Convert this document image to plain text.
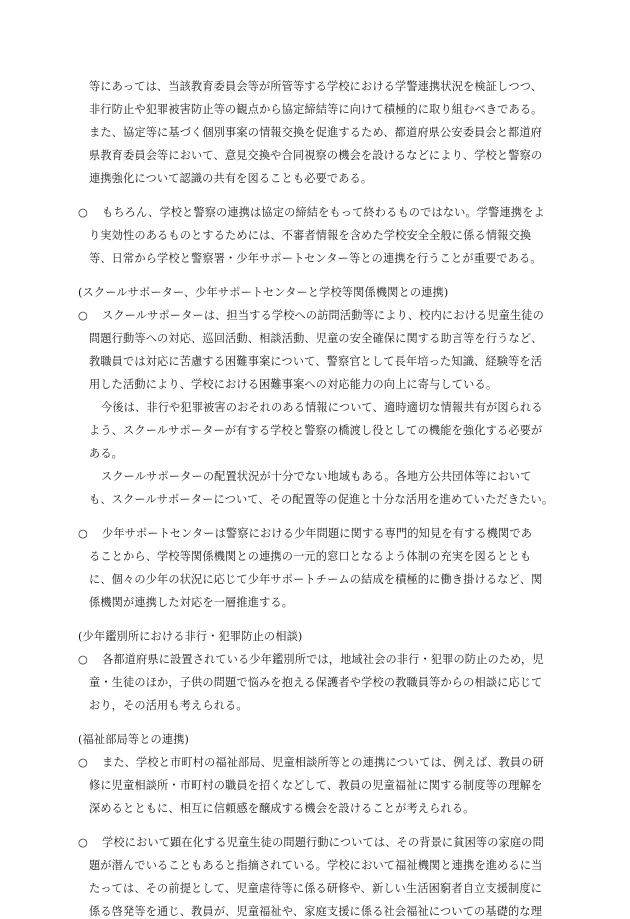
等にあっては、当該教育委員会等が所管等する学校における学警連携状況を検証しつつ、
非行防止や犯罪被害防止等の観点から協定締結等に向けて積極的に取り組むべきである。
また、協定等に基づく個別事案の情報交換を促進するため、都道府県公安委員会と都道府
県教育委員会等において、意見交換や合同視察の機会を設けるなどにより、学校と警察の
連携強化について認識の共有を図ることも必要である。
○ もちろん、学校と警察の連携は協定の締結をもって終わるものではない。学警連携をよ
り実効性のあるものとするためには、不審者情報を含めた学校安全全般に係る情報交換
等、日常から学校と警察署・少年サポートセンター等との連携を行うことが重要である。
(スクールサポーター、少年サポートセンターと学校等関係機関との連携)
○ スクールサポーターは、担当する学校への訪問活動等により、校内における児童生徒の
問題行動等への対応、巡回活動、相談活動、児童の安全確保に関する助言等を行うなど、
教職員では対応に苦慮する困難事案について、警察官として長年培った知識、経験等を活
用した活動により、学校における困難事案への対応能力の向上に寄与している。
今後は、非行や犯罪被害のおそれのある情報について、適時適切な情報共有が図られる
よう、スクールサポーターが有する学校と警察の橋渡し役としての機能を強化する必要が
ある。
スクールサポーターの配置状況が十分でない地域もある。各地方公共団体等において
も、スクールサポーターについて、その配置等の促進と十分な活用を進めていただきたい。
○ 少年サポートセンターは警察における少年問題に関する専門的知見を有する機関であ
ることから、学校等関係機関との連携の一元的窓口となるよう体制の充実を図るととも
に、個々の少年の状況に応じて少年サポートチームの結成を積極的に働き掛けるなど、関
係機関が連携した対応を一層推進する。
(少年鑑別所における非行・犯罪防止の相談)
○ 各都道府県に設置されている少年鑑別所では，地域社会の非行・犯罪の防止のため，児
童・生徒のほか，子供の問題で悩みを抱える保護者や学校の教職員等からの相談に応じて
おり，その活用も考えられる。
(福祉部局等との連携)
○ また、学校と市町村の福祉部局、児童相談所等との連携については、例えば、教員の研
修に児童相談所・市町村の職員を招くなどして、教員の児童福祉に関する制度等の理解を
深めるとともに、相互に信頼感を醸成する機会を設けることが考えられる。
○ 学校において顕在化する児童生徒の問題行動については、その背景に貧困等の家庭の問
題が潜んでいることもあると指摘されている。学校において福祉機関と連携を進めるに当
たっては、その前提として、児童虐待等に係る研修や、新しい生活困窮者自立支援制度に
係る啓発等を通じ、教員が、児童福祉や、家庭支援に係る社会福祉についての基礎的な理
